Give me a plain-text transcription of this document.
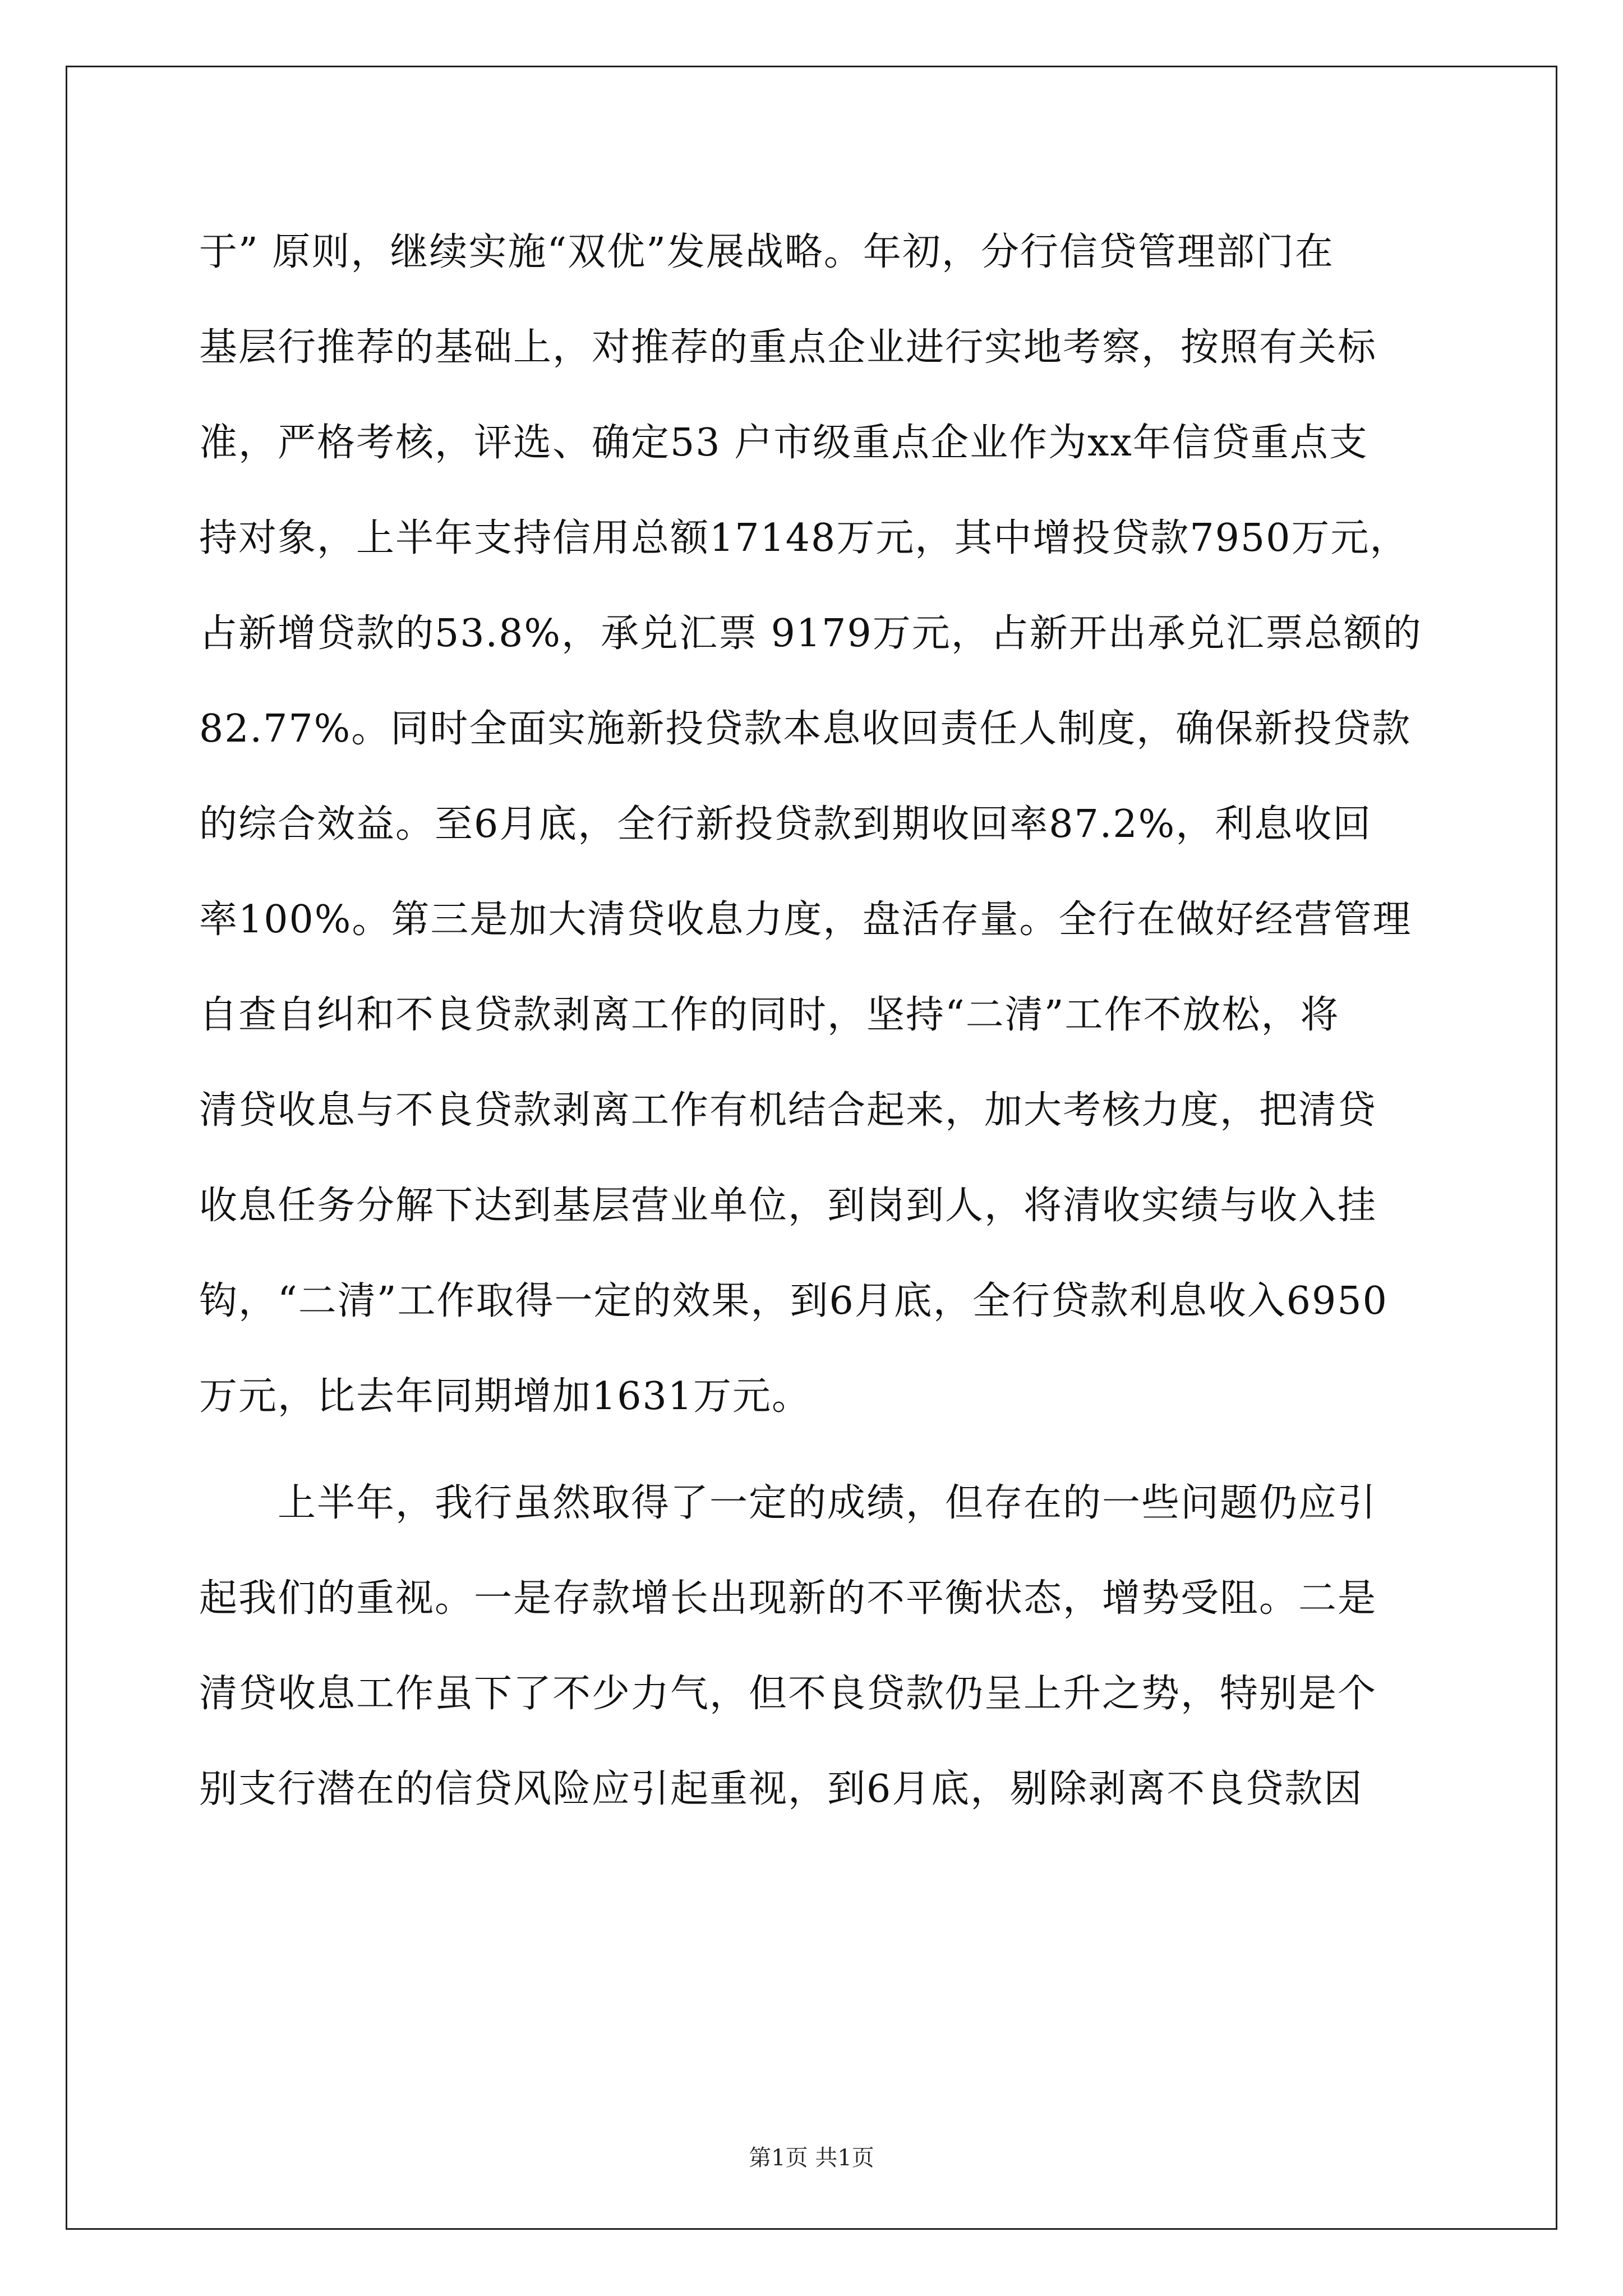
于” 原则，继续实施“双优”发展战略。年初，分行信贷管理部门在
基层行推荐的基础上，对推荐的重点企业进行实地考察，按照有关标
准，严格考核，评选、确定53 户市级重点企业作为xx年信贷重点支
持对象，上半年支持信用总额17148万元，其中增投贷款7950万元，
占新增贷款的53.8%，承兑汇票 9179万元，占新开出承兑汇票总额的
82.77%。同时全面实施新投贷款本息收回责任人制度，确保新投贷款
的综合效益。至6月底，全行新投贷款到期收回率87.2%，利息收回
率100%。第三是加大清贷收息力度，盘活存量。全行在做好经营管理
自查自纠和不良贷款剥离工作的同时，坚持“二清”工作不放松，将
清贷收息与不良贷款剥离工作有机结合起来，加大考核力度，把清贷
收息任务分解下达到基层营业单位，到岗到人，将清收实绩与收入挂
钩，“二清”工作取得一定的效果，到6月底，全行贷款利息收入6950
万元，比去年同期增加1631万元。
上半年，我行虽然取得了一定的成绩，但存在的一些问题仍应引
起我们的重视。一是存款增长出现新的不平衡状态，增势受阻。二是
清贷收息工作虽下了不少力气，但不良贷款仍呈上升之势，特别是个
别支行潜在的信贷风险应引起重视，到6月底，剔除剥离不良贷款因
第1页 共1页
